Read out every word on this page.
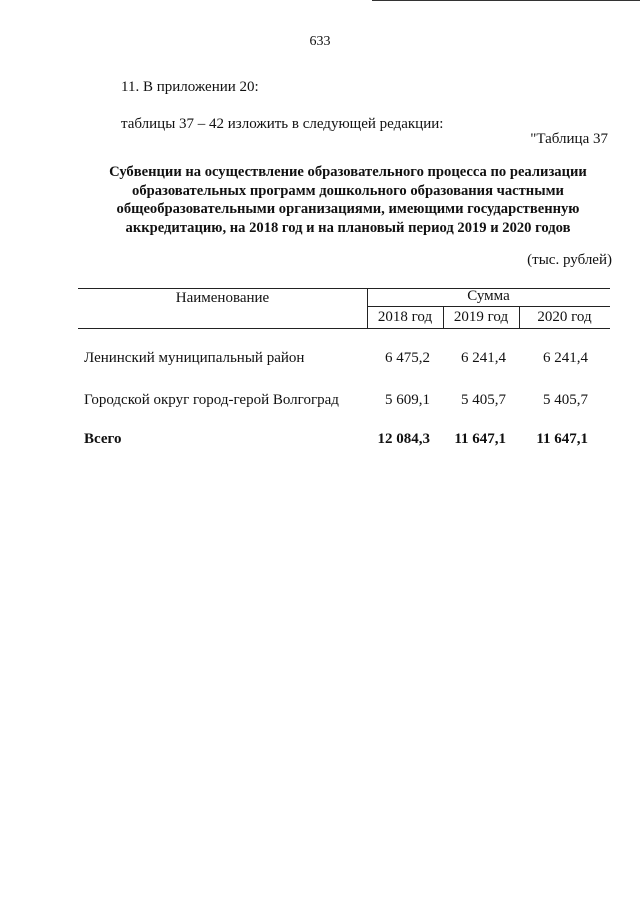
633
11. В приложении 20:
таблицы 37 – 42 изложить в следующей редакции:
"Таблица 37
Субвенции на осуществление образовательного процесса по реализации
образовательных программ дошкольного образования частными
общеобразовательными организациями, имеющими государственную
аккредитацию, на 2018 год и на плановый период 2019 и 2020 годов
(тыс. рублей)
Наименование	Сумма
2018 год	2019 год	2020 год
Ленинский муниципальный район	6 475,2	6 241,4	6 241,4
Городской округ город-герой Волгоград	5 609,1	5 405,7	5 405,7
Всего	12 084,3	11 647,1	11 647,1
